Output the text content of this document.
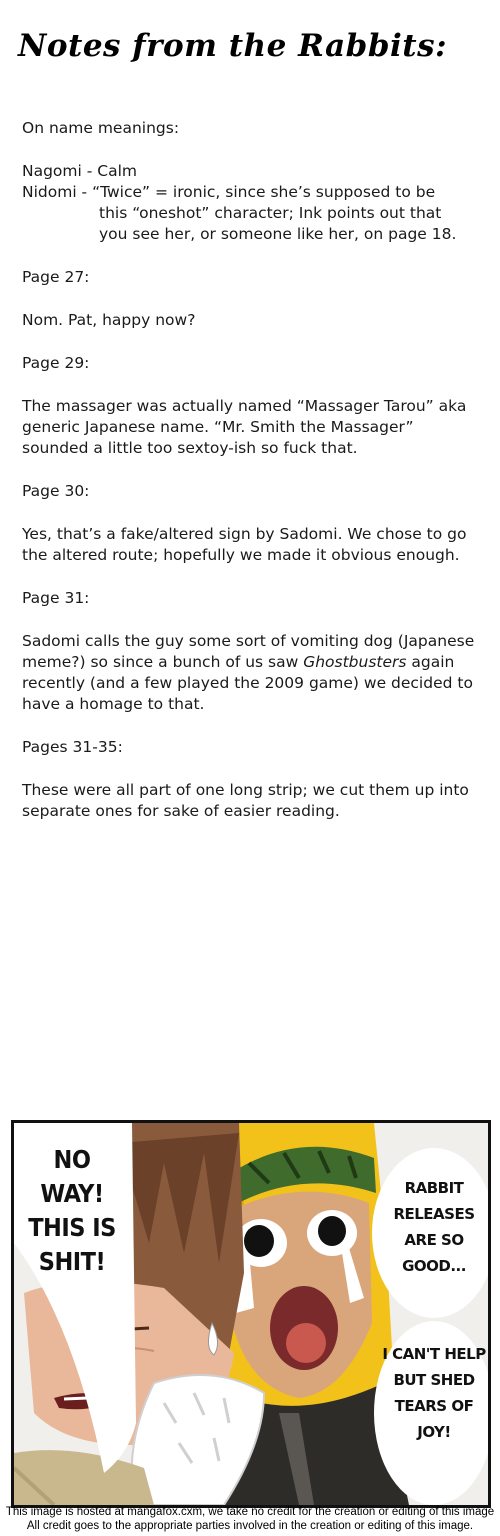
Notes from the Rabbits:

On name meanings:

Nagomi - Calm

Nidomi - “Twice” = ironic, since she’s supposed to be

this “oneshot” character; Ink points out that

you see her, or someone like her, on page 18.

Page 27:

Nom. Pat, happy now?

Page 29:

The massager was actually named “Massager Tarou” aka generic Japanese name. “Mr. Smith the Massager” sounded a little too sextoy-ish so fuck that.

Page 30:

Yes, that’s a fake/altered sign by Sadomi. We chose to go the altered route; hopefully we made it obvious enough.

Page 31:

Sadomi calls the guy some sort of vomiting dog (Japanese meme?) so since a bunch of us saw Ghostbusters again recently (and a few played the 2009 game) we decided to have a homage to that.

Pages 31-35:

These were all part of one long strip; we cut them up into separate ones for sake of easier reading.

NO WAY! THIS IS SHIT!
RABBIT RELEASES ARE SO GOOD...
I CAN'T HELP BUT SHED TEARS OF JOY!
This image is hosted at mangafox.cxm, we take no credit for the creation or editing of this image
All credit goes to the appropriate parties involved in the creation or editing of this image.
